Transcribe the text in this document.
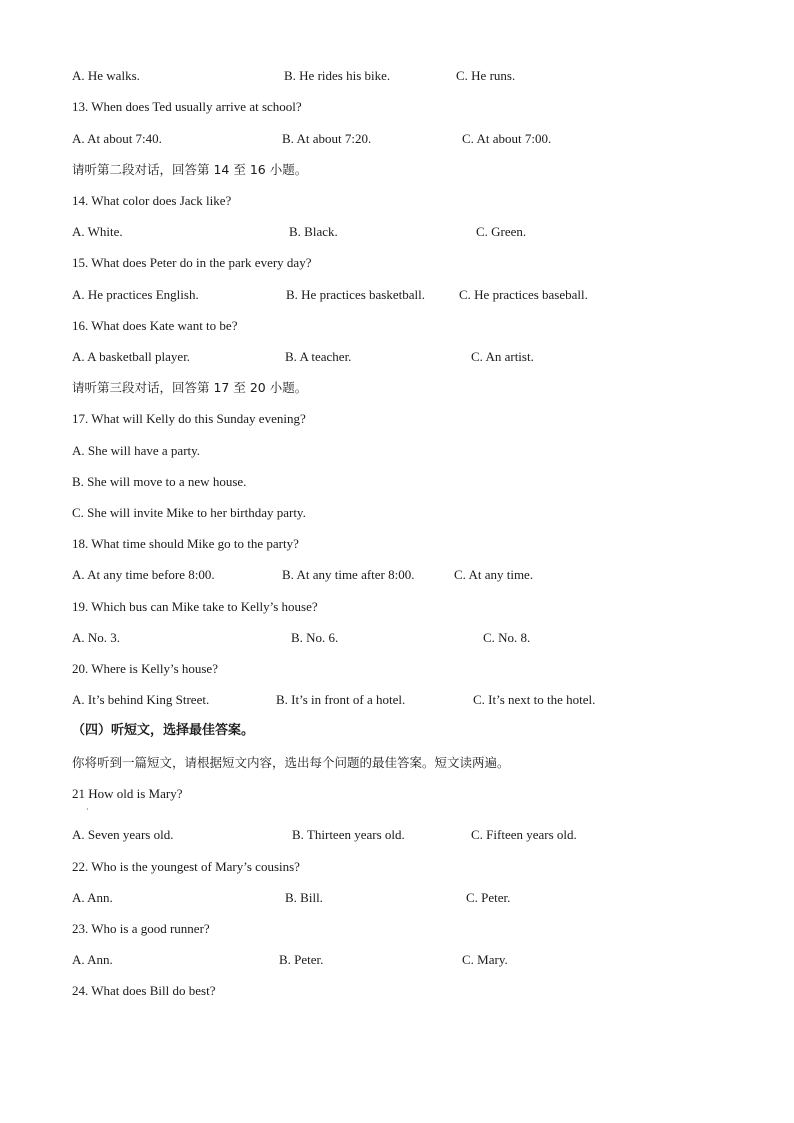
A. He walks.	B. He rides his bike.	C. He runs.
13. When does Ted usually arrive at school?
A. At about 7:40.	B. At about 7:20.	C. At about 7:00.
请听第二段对话，回答第 14 至 16 小题。
14. What color does Jack like?
A. White.	B. Black.	C. Green.
15. What does Peter do in the park every day?
A. He practices English.	B. He practices basketball.	C. He practices baseball.
16. What does Kate want to be?
A. A basketball player.	B. A teacher.	C. An artist.
请听第三段对话，回答第 17 至 20 小题。
17. What will Kelly do this Sunday evening?
A. She will have a party.
B. She will move to a new house.
C. She will invite Mike to her birthday party.
18. What time should Mike go to the party?
A. At any time before 8:00.	B. At any time after 8:00.	C. At any time.
19. Which bus can Mike take to Kelly’s house?
A. No. 3.	B. No. 6.	C. No. 8.
20. Where is Kelly’s house?
A. It’s behind King Street.	B. It’s in front of a hotel.	C. It’s next to the hotel.
（四）听短文，选择最佳答案。
你将听到一篇短文，请根据短文内容，选出每个问题的最佳答案。短文读两遍。
21 How old is Mary?
·
A. Seven years old.	B. Thirteen years old.	C. Fifteen years old.
22. Who is the youngest of Mary’s cousins?
A. Ann.	B. Bill.	C. Peter.
23. Who is a good runner?
A. Ann.	B. Peter.	C. Mary.
24. What does Bill do best?
